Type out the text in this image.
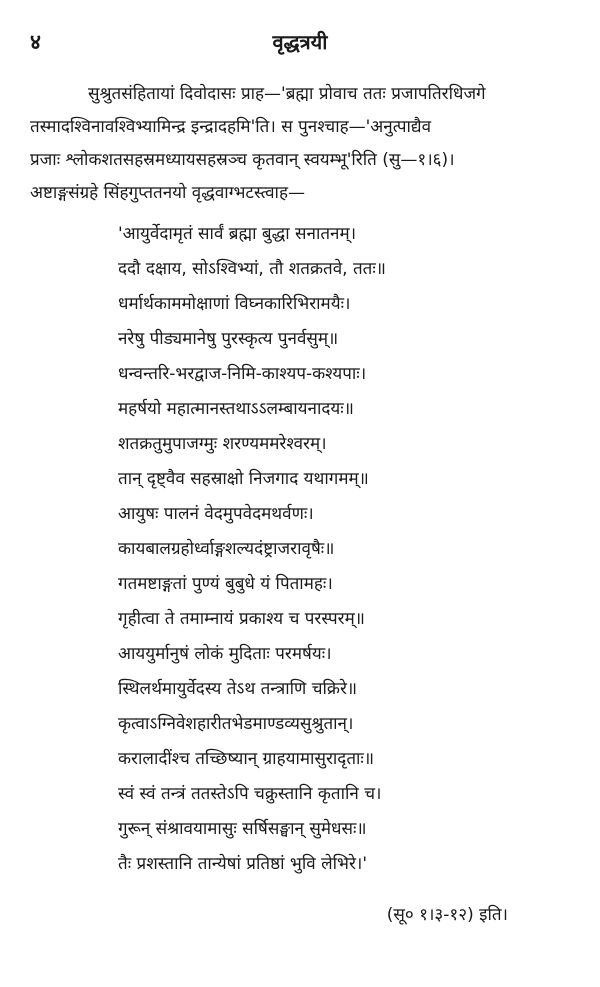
४	वृद्धत्रयी
सुश्रुतसंहितायां दिवोदासः प्राह—'ब्रह्मा प्रोवाच ततः प्रजापतिरधिजगे
तस्मादश्विनावश्विभ्यामिन्द्र इन्द्रादहमि'ति। स पुनश्चाह—'अनुत्पाद्यैव
प्रजाः श्लोकशतसहस्रमध्यायसहस्रञ्च कृतवान् स्वयम्भू'रिति (सु—१।६)।
अष्टाङ्गसंग्रहे सिंहगुप्ततनयो वृद्धवाग्भटस्त्वाह—
'आयुर्वेदामृतं सार्वं ब्रह्मा बुद्धा सनातनम्।
ददौ दक्षाय, सोऽश्विभ्यां, तौ शतक्रतवे, ततः॥
धर्मार्थकाममोक्षाणां विघ्नकारिभिरामयैः।
नरेषु पीड्यमानेषु पुरस्कृत्य पुनर्वसुम्॥
धन्वन्तरि-भरद्वाज-निमि-काश्यप-कश्यपाः।
महर्षयो महात्मानस्तथाऽऽलम्बायनादयः॥
शतक्रतुमुपाजग्मुः शरण्यममरेश्वरम्।
तान् दृष्ट्वैव सहस्राक्षो निजगाद यथागमम्॥
आयुषः पालनं वेदमुपवेदमथर्वणः।
कायबालग्रहोर्ध्वाङ्गशल्यदंष्ट्राजरावृषैः॥
गतमष्टाङ्गतां पुण्यं बुबुधे यं पितामहः।
गृहीत्वा ते तमाम्नायं प्रकाश्य च परस्परम्॥
आययुर्मानुषं लोकं मुदिताः परमर्षयः।
स्थिलर्थमायुर्वेदस्य तेऽथ तन्त्राणि चक्रिरे॥
कृत्वाऽग्निवेशहारीतभेडमाण्डव्यसुश्रुतान्।
करालादींश्च तच्छिष्यान् ग्राहयामासुरादृताः॥
स्वं स्वं तन्त्रं ततस्तेऽपि चक्रुस्तानि कृतानि च।
गुरून् संश्रावयामासुः सर्षिसङ्घान् सुमेधसः॥
तैः प्रशस्तानि तान्येषां प्रतिष्ठां भुवि लेभिरे।'
(सू० १।३-१२) इति।
